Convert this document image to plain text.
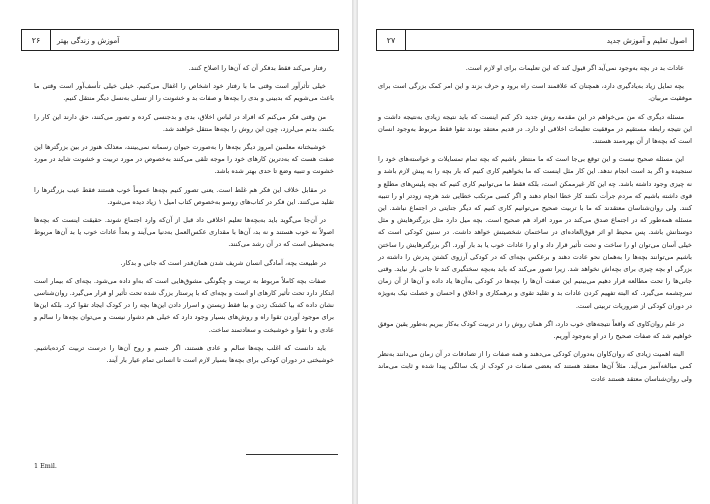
۲۶	آموزش و زندگی بهتر

رفتار می‌کند فقط بدفکر آن که آن‌ها را اصلاح کنند.

خیلی تأثرآور است وقتی ما با رفتار خود اشخاص را اغفال می‌کنیم. خیلی خیلی تأسف‌آور است وقتی ما باعث می‌شویم که بدبینی و بدی را بچه‌ها و صفات بد و خشونت را از تسلی به‌نسل دیگر منتقل کنیم.

من وقتی فکر می‌کنم که افراد در لباس اخلاق، بدی و بدجنسی کرده و تصور می‌کنند، حق دارند این کار را بکنند، بدنم می‌لرزد، چون این روش را بچه‌ها منتقل خواهند شد.

خوشبختانه معلمین امروز دیگر بچه‌ها را به‌صورت حیوان رسمانه نمی‌بینند، معذلک هنوز در بین بزرگترها این صفت هست که به‌دترین کارهای خود را موجه تلقی می‌کنند به‌خصوص در مورد تربیت و خشونت شاید در مورد خشونت و تنبیه وضع تا حدی بهتر شده باشد.

در مقابل خلاف این فکر هم غلط است. یعنی تصور کنیم بچه‌ها عموماً خوب هستند فقط عیب بزرگترها را تقلید می‌کنند. این فکر در کتاب‌های روسو به‌خصوص کتاب امیل ۱ زیاد دیده می‌شود.

در آن‌جا می‌گوید باید به‌بچه‌ها تعلیم اخلاقی داد قبل از آن‌که وارد اجتماع شوند. حقیقت اینست که بچه‌ها اصولاً نه خوب هستند و نه بد، آن‌ها با مقداری عکس‌العمل به‌دنیا می‌آیند و بعداً عادات خوب یا بد آن‌ها مربوط به‌محیطی است که در آن رشد می‌کنند.

در طبیعت بچه، آمادگی انسان شریف شدن همان‌قدر است که جانی و بدکار.

صفات بچه کاملاً مربوط به تربیت و چگونگی مشوق‌هایی است که به‌او داده می‌شود. بچه‌ای که بیمار است ابتکار دارد تحت تأثیر کارهای او است و بچه‌ای که با پرستار بزرگ شده تحت تأثیر او قرار می‌گیرد. روان‌شناسی نشان داده که بیا کشتک زدن و بیا فقط زیستن و اسرار دادن این‌ها بچه را در کودک ایجاد تقوا کرد. بلکه این‌ها برای موجود آوردن تقوا راه و روش‌های بسیار وجود دارد که خیلی هم دشوار نیست و می‌توان بچه‌ها را سالم و عادی و با تقوا و خوشبخت و سعادتمند ساخت.

باید دانست که اغلب بچه‌ها سالم و عادی هستند، اگر جسم و روح آن‌ها را درست تربیت کرده‌باشیم. خوشبختی در دوران کودکی برای بچه‌ها بسیار لازم است تا انسانی تمام عیار بار آیند.

1 Emil.
۲۷	اصول تعلیم و آموزش جدید

عادات بد در بچه به‌وجود نمی‌آید اگر قبول کند که این تعلیمات برای او لازم است.

بچه تمایل زیاد به‌یادگیری دارد، همچنان که علاقمند است راه برود و حرف بزند و این امر کمک بزرگی است برای موفقیت مربیان.

مسئله دیگری که من می‌خواهم در این مقدمه روش جدید ذکر کنم اینست که باید نتیجه زیادی به‌نتیجه داشت و این نتیجه رابطه مستقیم در موفقیت تعلیمات اخلاقی او دارد. در قدیم معتقد بودند تقوا فقط مربوط به‌وجود انسان است که بچه‌ها از آن بهره‌مند هستند.

این مسئله صحیح نیست و این توقع بی‌جا است که ما منتظر باشیم که بچه تمام تمسایلات و خواسته‌های خود را سنجیده و اگر بد است انجام ندهد. این کار مثل اینست که ما بخواهیم کاری کنیم که بار بچه را به پیش لازم باشد و نه چیزی وجود داشته باشد. چه این کار غیرممکن است، بلکه فقط ما می‌توانیم کاری کنیم که بچه پلیس‌های مطلع و قوی داشته باشیم که مردم جرأت نکنند کار خطا انجام دهند و اگر کسی مرتکب خطایی شد هرچه زودتر او را تنبیه کنند. ولی روان‌شناسان معتقدند که ما با تربیت صحیح می‌توانیم کاری کنیم که دیگر جنایتی در اجتماع نباشد. این مسئله همه‌طور که در اجتماع صدق می‌کند در مورد افراد هم صحیح است. بچه میل دارد مثل بزرگترهایش و مثل دوستانش باشد. پس محیط او اثر فوق‌العاده‌ای در ساختمان شخصیتش خواهد داشت. در سنین کودکی است که خیلی آسان می‌توان او را ساخت و تحت تأثیر قرار داد و او را عادات خوب یا بد بار آورد. اگر بزرگترهایش را ساختن باشیم می‌توانند بچه‌ها را به‌همان نحو عادت دهند و برعکس بچه‌ای که در کودکی آرزوی کشتن پدرش را داشته در بزرگی او بچه چیزی برای بچه‌اش نخواهد شد. زیرا تصور می‌کند که باید به‌بچه سختگیری کند تا جانی بار نیاید. وقتی جانی‌ها را تحت مطالعه قرار دهیم می‌بینیم این صفت آن‌ها را بچه‌ها در کودکی به‌آن‌ها یاد داده و آن‌ها از آن زمان سرچشمه می‌گیرد. که البته تفهیم کردن عادات بد و تقلید تقوی و برهمکاری و اخلاق و احسان و خصلت نیک به‌ویژه در دوران کودکی از ضروریات تربیتی است.

در علم روان‌کاوی که واقعاً نتیجه‌های خوب دارد، اگر همان روش را در تربیت کودک به‌کار ببریم به‌طور یقین موفق خواهیم شد که صفات صحیح را در او به‌وجود آوریم.

البته اهمیت زیادی که روان‌کاوان به‌دوران کودکی می‌دهند و همه صفات را از تصادفات در آن زمان می‌دانند به‌نظر کمی مبالغه‌آمیز می‌آید. مثلاً آن‌ها معتقد هستند که بعضی صفات در کودک از یک سالگی پیدا شده و ثابت می‌ماند ولی روان‌شناسان معتقد هستند عادت
